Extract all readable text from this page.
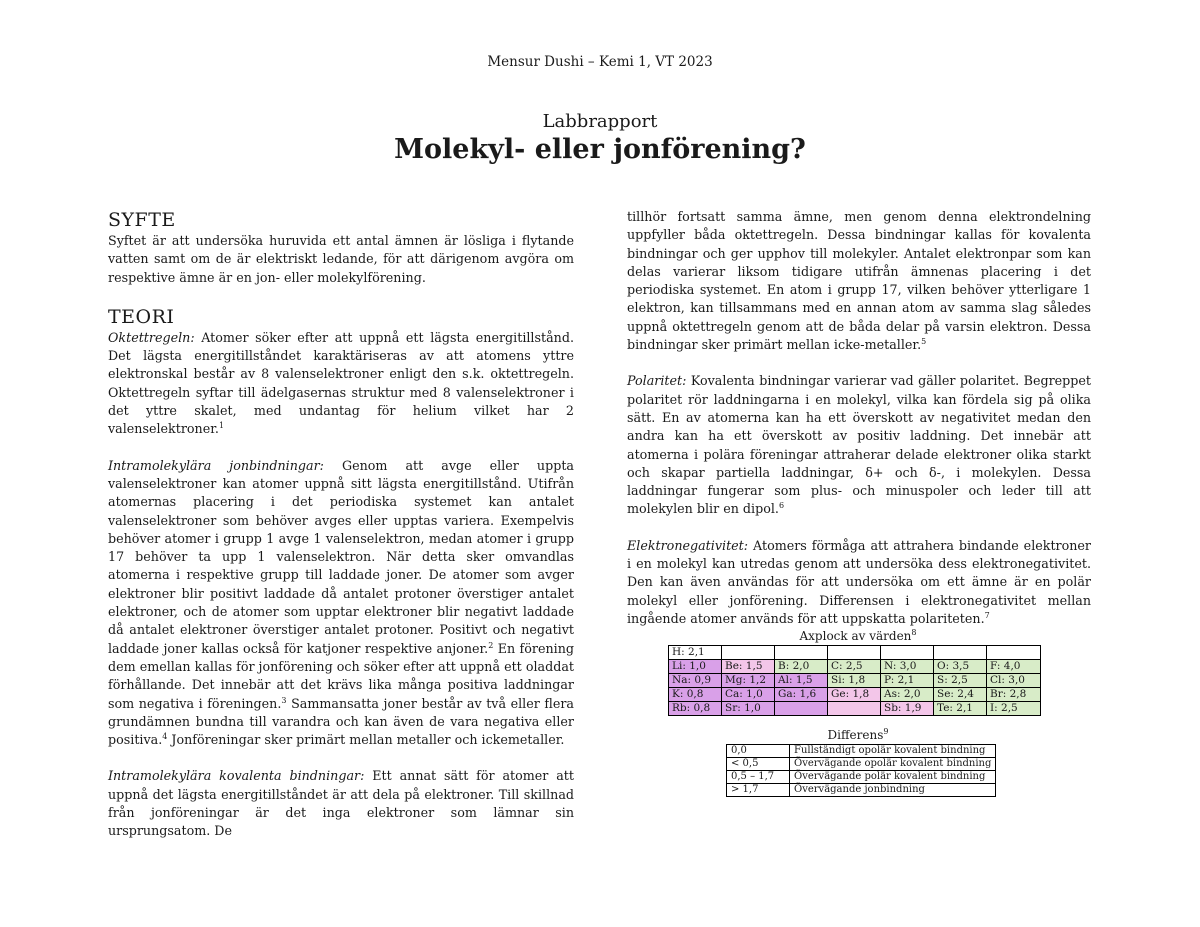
Mensur Dushi – Kemi 1, VT 2023
Labbrapport
Molekyl- eller jonförening?
SYFTE

Syftet är att undersöka huruvida ett antal ämnen är lösliga i flytande vatten samt om de är elektriskt ledande, för att därigenom avgöra om respektive ämne är en jon- eller molekylförening.

TEORI

Oktettregeln: Atomer söker efter att uppnå ett lägsta energitillstånd. Det lägsta energitillståndet karaktäriseras av att atomens yttre elektronskal består av 8 valenselektroner enligt den s.k. oktettregeln. Oktettregeln syftar till ädelgasernas struktur med 8 valenselektroner i det yttre skalet, med undantag för helium vilket har 2 valenselektroner.$^1$

Intramolekylära jonbindningar: Genom att avge eller uppta valenselektroner kan atomer uppnå sitt lägsta energitillstånd. Utifrån atomernas placering i det periodiska systemet kan antalet valenselektroner som behöver avges eller upptas variera. Exempelvis behöver atomer i grupp 1 avge 1 valenselektron, medan atomer i grupp 17 behöver ta upp 1 valenselektron. När detta sker omvandlas atomerna i respektive grupp till laddade joner. De atomer som avger elektroner blir positivt laddade då antalet protoner överstiger antalet elektroner, och de atomer som upptar elektroner blir negativt laddade då antalet elektroner överstiger antalet protoner. Positivt och negativt laddade joner kallas också för katjoner respektive anjoner.$^2$ En förening dem emellan kallas för jonförening och söker efter att uppnå ett oladdat förhållande. Det innebär att det krävs lika många positiva laddningar som negativa i föreningen.$^3$ Sammansatta joner består av två eller flera grundämnen bundna till varandra och kan även de vara negativa eller positiva.$^4$ Jonföreningar sker primärt mellan metaller och ickemetaller.

Intramolekylära kovalenta bindningar: Ett annat sätt för atomer att uppnå det lägsta energitillståndet är att dela på elektroner. Till skillnad från jonföreningar är det inga elektroner som lämnar sin ursprungsatom. De

tillhör fortsatt samma ämne, men genom denna elektrondelning uppfyller båda oktettregeln. Dessa bindningar kallas för kovalenta bindningar och ger upphov till molekyler. Antalet elektronpar som kan delas varierar liksom tidigare utifrån ämnenas placering i det periodiska systemet. En atom i grupp 17, vilken behöver ytterligare 1 elektron, kan tillsammans med en annan atom av samma slag således uppnå oktettregeln genom att de båda delar på varsin elektron. Dessa bindningar sker primärt mellan icke-metaller.$^5$

Polaritet: Kovalenta bindningar varierar vad gäller polaritet. Begreppet polaritet rör laddningarna i en molekyl, vilka kan fördela sig på olika sätt. En av atomerna kan ha ett överskott av negativitet medan den andra kan ha ett överskott av positiv laddning. Det innebär att atomerna i polära föreningar attraherar delade elektroner olika starkt och skapar partiella laddningar, δ+ och δ-, i molekylen. Dessa laddningar fungerar som plus- och minuspoler och leder till att molekylen blir en dipol.$^6$

Elektronegativitet: Atomers förmåga att attrahera bindande elektroner i en molekyl kan utredas genom att undersöka dess elektronegativitet. Den kan även användas för att undersöka om ett ämne är en polär molekyl eller jonförening. Differensen i elektronegativitet mellan ingående atomer används för att uppskatta polariteten.$^7$

Axplock av värden$^8$
H: 2,1						
Li: 1,0	Be: 1,5	B: 2,0	C: 2,5	N: 3,0	O: 3,5	F: 4,0
Na: 0,9	Mg: 1,2	Al: 1,5	Si: 1,8	P: 2,1	S: 2,5	Cl: 3,0
K: 0,8	Ca: 1,0	Ga: 1,6	Ge: 1,8	As: 2,0	Se: 2,4	Br: 2,8
Rb: 0,8	Sr: 1,0			Sb: 1,9	Te: 2,1	I: 2,5
Differens$^9$
0,0	Fullständigt opolär kovalent bindning
< 0,5	Övervägande opolär kovalent bindning
0,5 – 1,7	Övervägande polär kovalent bindning
> 1,7	Övervägande jonbindning
